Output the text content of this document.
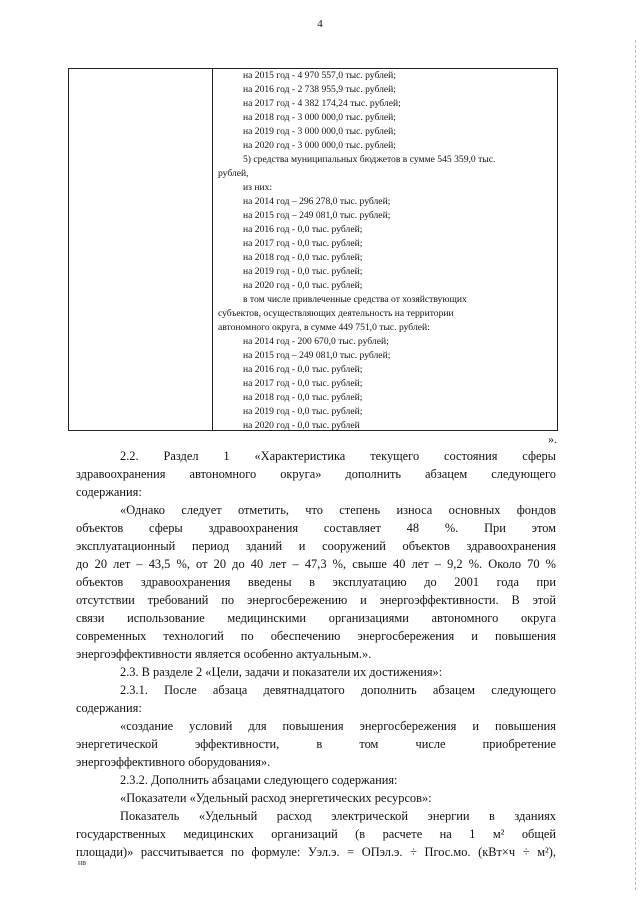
4
на 2015 год - 4 970 557,0 тыс. рублей;
на 2016 год - 2 738 955,9 тыс. рублей;
на 2017 год - 4 382 174,24 тыс. рублей;
на 2018 год - 3 000 000,0 тыс. рублей;
на 2019 год - 3 000 000,0 тыс. рублей;
на 2020 год - 3 000 000,0 тыс. рублей;
5) средства муниципальных бюджетов в сумме 545 359,0 тыс.
рублей,
из них:
на 2014 год – 296 278,0 тыс. рублей;
на 2015 год – 249 081,0 тыс. рублей;
на 2016 год - 0,0 тыс. рублей;
на 2017 год - 0,0 тыс. рублей;
на 2018 год - 0,0 тыс. рублей;
на 2019 год - 0,0 тыс. рублей;
на 2020 год - 0,0 тыс. рублей;
в том числе привлеченные средства от хозяйствующих
субъектов, осуществляющих деятельность на территории
автономного округа, в сумме 449 751,0 тыс. рублей:
на 2014 год - 200 670,0 тыс. рублей;
на 2015 год – 249 081,0 тыс. рублей;
на 2016 год - 0,0 тыс. рублей;
на 2017 год - 0,0 тыс. рублей;
на 2018 год - 0,0 тыс. рублей;
на 2019 год - 0,0 тыс. рублей;
на 2020 год - 0,0 тыс. рублей
».
2.2. Раздел 1 «Характеристика текущего состояния сферы
здравоохранения автономного округа» дополнить абзацем следующего
содержания:
«Однако следует отметить, что степень износа основных фондов
объектов сферы здравоохранения составляет 48 %. При этом
эксплуатационный период зданий и сооружений объектов здравоохранения
до 20 лет – 43,5 %, от 20 до 40 лет – 47,3 %, свыше 40 лет – 9,2 %. Около 70 %
объектов здравоохранения введены в эксплуатацию до 2001 года при
отсутствии требований по энергосбережению и энергоэффективности. В этой
связи использование медицинскими организациями автономного округа
современных технологий по обеспечению энергосбережения и повышения
энергоэффективности является особенно актуальным.».
2.3. В разделе 2 «Цели, задачи и показатели их достижения»:
2.3.1. После абзаца девятнадцатого дополнить абзацем следующего
содержания:
«создание условий для повышения энергосбережения и повышения
энергетической эффективности, в том числе приобретение
энергоэффективного оборудования».
2.3.2. Дополнить абзацами следующего содержания:
«Показатели «Удельный расход энергетических ресурсов»:
Показатель «Удельный расход электрической энергии в зданиях
государственных медицинских организаций (в расчете на 1 м² общей
площади)» рассчитывается по формуле: Уэл.э. = ОПэл.э. ÷ Пгос.мо. (кВт×ч ÷ м²),
нв
